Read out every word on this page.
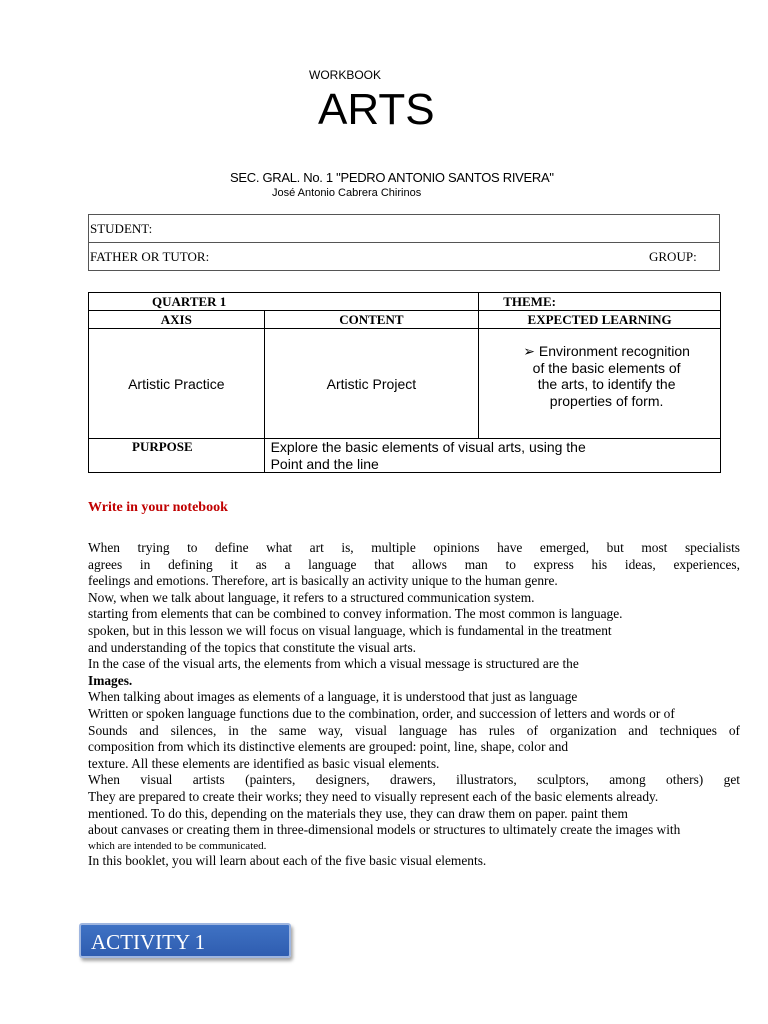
WORKBOOK
ARTS
SEC. GRAL. No. 1 "PEDRO ANTONIO SANTOS RIVERA"
José Antonio Cabrera Chirinos
STUDENT:
FATHER OR TUTOR:	GROUP:
QUARTER 1		THEME:
AXIS	CONTENT	EXPECTED LEARNING
Artistic Practice	Artistic Project	➢ Environment recognition of the basic elements of the arts, to identify the properties of form.

PURPOSE	Explore the basic elements of visual arts, using the Point and the line	
Write in your notebook

When trying to define what art is, multiple opinions have emerged, but most specialists

agrees in defining it as a language that allows man to express his ideas, experiences,

feelings and emotions. Therefore, art is basically an activity unique to the human genre.

Now, when we talk about language, it refers to a structured communication system.

starting from elements that can be combined to convey information. The most common is language.

spoken, but in this lesson we will focus on visual language, which is fundamental in the treatment

and understanding of the topics that constitute the visual arts.

In the case of the visual arts, the elements from which a visual message is structured are the

Images.

When talking about images as elements of a language, it is understood that just as language

Written or spoken language functions due to the combination, order, and succession of letters and words or of

Sounds and silences, in the same way, visual language has rules of organization and techniques of

composition from which its distinctive elements are grouped: point, line, shape, color and

texture. All these elements are identified as basic visual elements.

When visual artists (painters, designers, drawers, illustrators, sculptors, among others) get

They are prepared to create their works; they need to visually represent each of the basic elements already.

mentioned. To do this, depending on the materials they use, they can draw them on paper. paint them

about canvases or creating them in three-dimensional models or structures to ultimately create the images with

which are intended to be communicated.

In this booklet, you will learn about each of the five basic visual elements.

ACTIVITY 1
